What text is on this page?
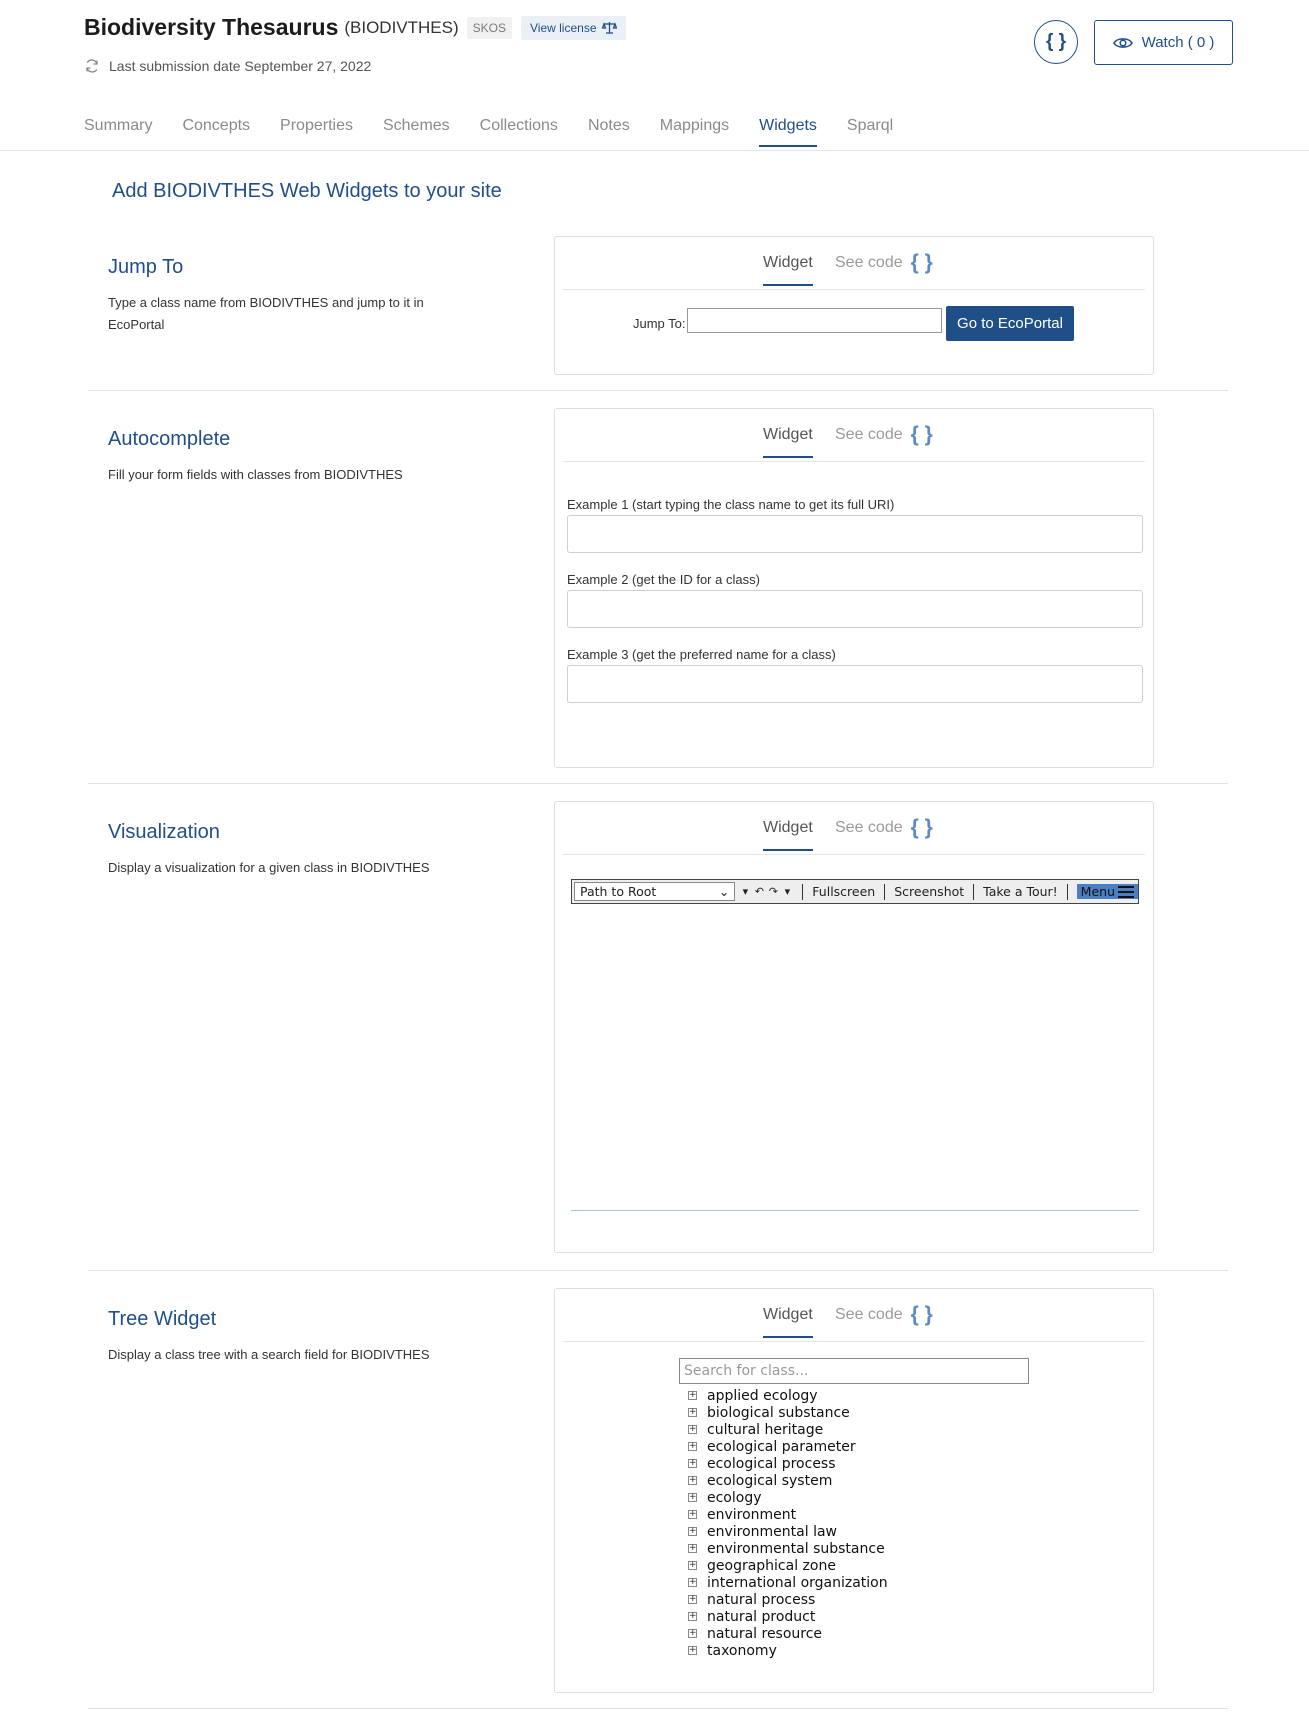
Biodiversity Thesaurus (BIODIVTHES)	SKOS	View license
Last submission date September 27, 2022
{ }	Watch ( 0 )
Summary Concepts Properties Schemes Collections Notes Mappings Widgets Sparql
Add BIODIVTHES Web Widgets to your site
Jump To
Type a class name from BIODIVTHES and jump to it in EcoPortal
Widget See code { }
Jump To:	Go to EcoPortal
Autocomplete
Fill your form fields with classes from BIODIVTHES
Widget See code { }
Example 1 (start typing the class name to get its full URI)
Example 2 (get the ID for a class)
Example 3 (get the preferred name for a class)
Visualization
Display a visualization for a given class in BIODIVTHES
Widget See code { }
Path to Root	⌄ ▾ ↶ ↷ ▾ Fullscreen Screenshot Take a Tour! Menu
Tree Widget
Display a class tree with a search field for BIODIVTHES
Widget See code { }
Search for class...
+ applied ecology
+ biological substance
+ cultural heritage
+ ecological parameter
+ ecological process
+ ecological system
+ ecology
+ environment
+ environmental law
+ environmental substance
+ geographical zone
+ international organization
+ natural process
+ natural product
+ natural resource
+ taxonomy
